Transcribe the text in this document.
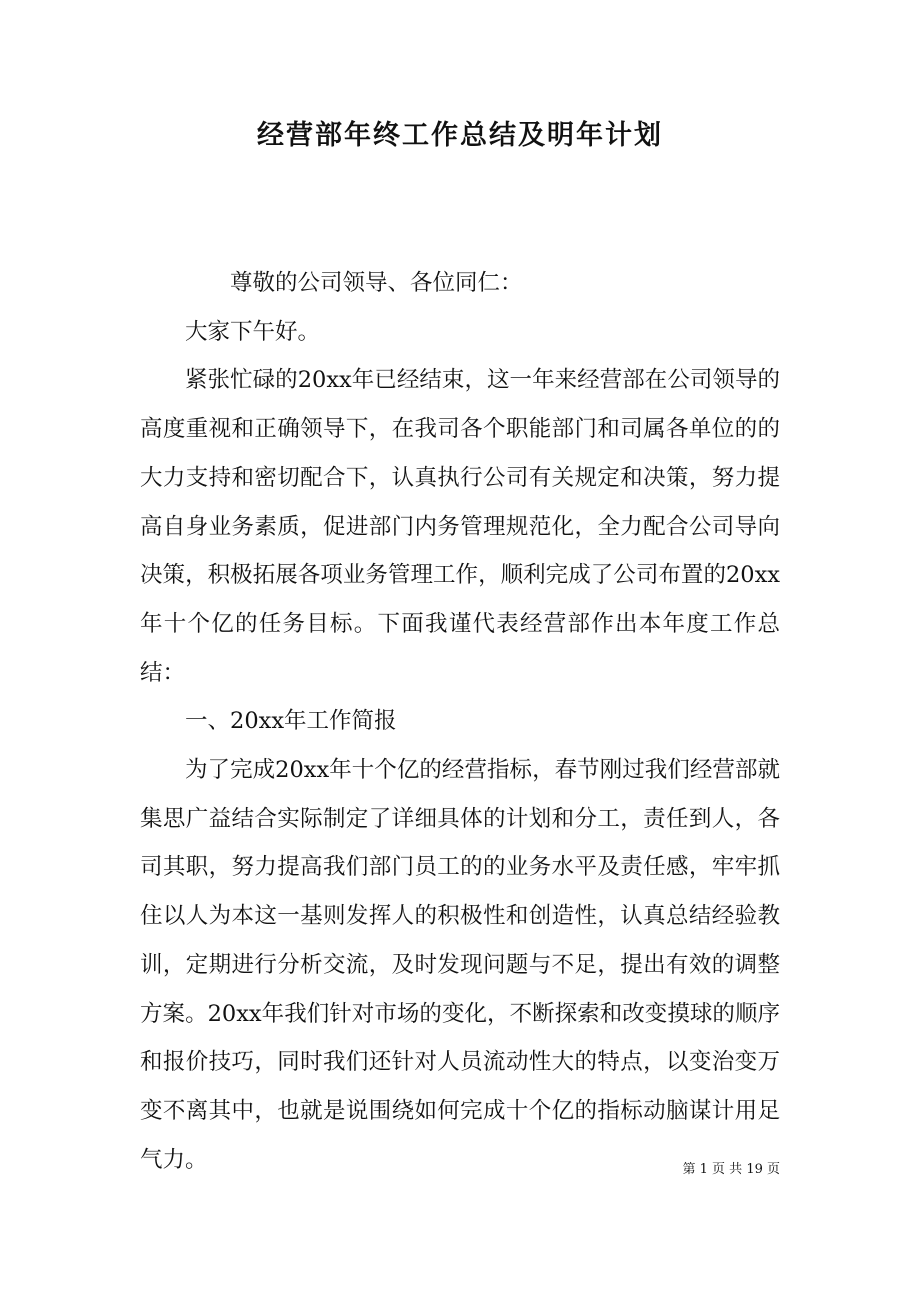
经营部年终工作总结及明年计划

尊敬的公司领导、各位同仁：

大家下午好。

紧张忙碌的20xx年已经结束，这一年来经营部在公司领导的高度重视和正确领导下，在我司各个职能部门和司属各单位的的大力支持和密切配合下，认真执行公司有关规定和决策，努力提高自身业务素质，促进部门内务管理规范化，全力配合公司导向决策，积极拓展各项业务管理工作，顺利完成了公司布置的20xx年十个亿的任务目标。下面我谨代表经营部作出本年度工作总结：

一、20xx年工作简报

为了完成20xx年十个亿的经营指标，春节刚过我们经营部就集思广益结合实际制定了详细具体的计划和分工，责任到人，各司其职，努力提高我们部门员工的的业务水平及责任感，牢牢抓住以人为本这一基则发挥人的积极性和创造性，认真总结经验教训，定期进行分析交流，及时发现问题与不足，提出有效的调整方案。20xx年我们针对市场的变化，不断探索和改变摸球的顺序和报价技巧，同时我们还针对人员流动性大的特点，以变治变万变不离其中，也就是说围绕如何完成十个亿的指标动脑谋计用足气力。	第 1 页 共 19 页
